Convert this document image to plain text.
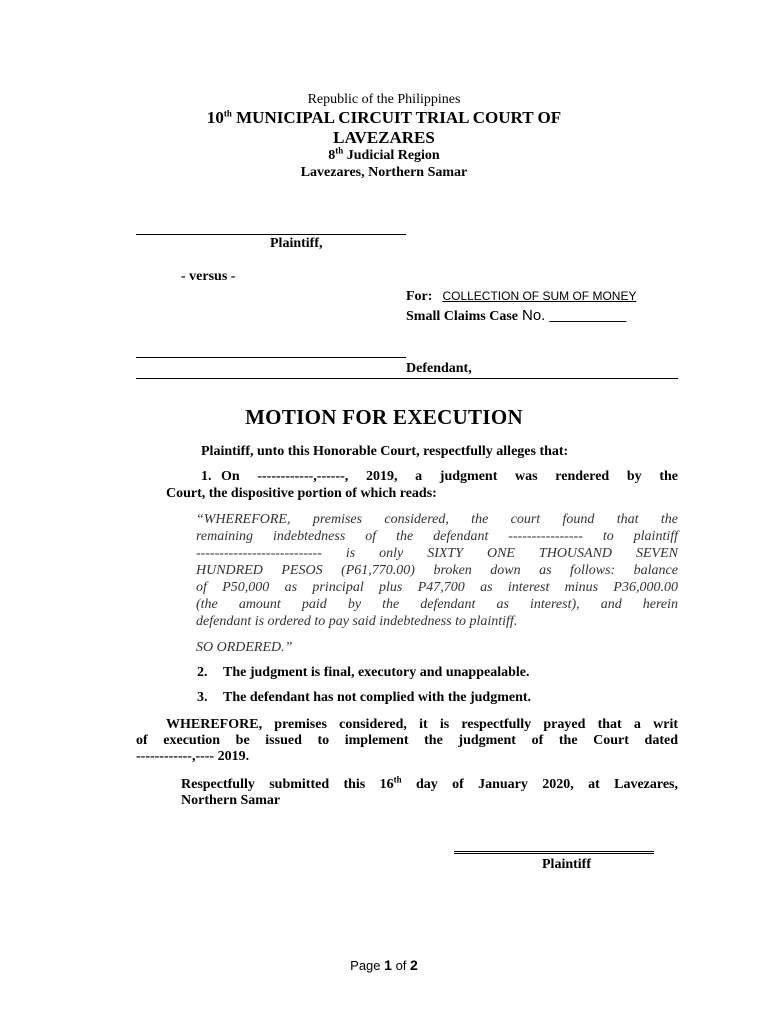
Republic of the Philippines
10th MUNICIPAL CIRCUIT TRIAL COURT OF
LAVEZARES
8th Judicial Region
Lavezares, Northern Samar
Plaintiff,
- versus -
For: COLLECTION OF SUM OF MONEY
Small Claims Case No. ___________
Defendant,
MOTION FOR EXECUTION
Plaintiff, unto this Honorable Court, respectfully alleges that:
1. On ------------,------, 2019, a judgment was rendered by the
Court, the dispositive portion of which reads:
“WHEREFORE, premises considered, the court found that the
remaining indebtedness of the defendant ---------------- to plaintiff
--------------------------- is only SIXTY ONE THOUSAND SEVEN
HUNDRED PESOS (P61,770.00) broken down as follows: balance
of P50,000 as principal plus P47,700 as interest minus P36,000.00
(the amount paid by the defendant as interest), and herein
defendant is ordered to pay said indebtedness to plaintiff.
SO ORDERED.”
2. The judgment is final, executory and unappealable.
3. The defendant has not complied with the judgment.
WHEREFORE, premises considered, it is respectfully prayed that a writ
of execution be issued to implement the judgment of the Court dated
------------,---- 2019.
Respectfully submitted this 16th day of January 2020, at Lavezares,
Northern Samar
Plaintiff
Page 1 of 2
